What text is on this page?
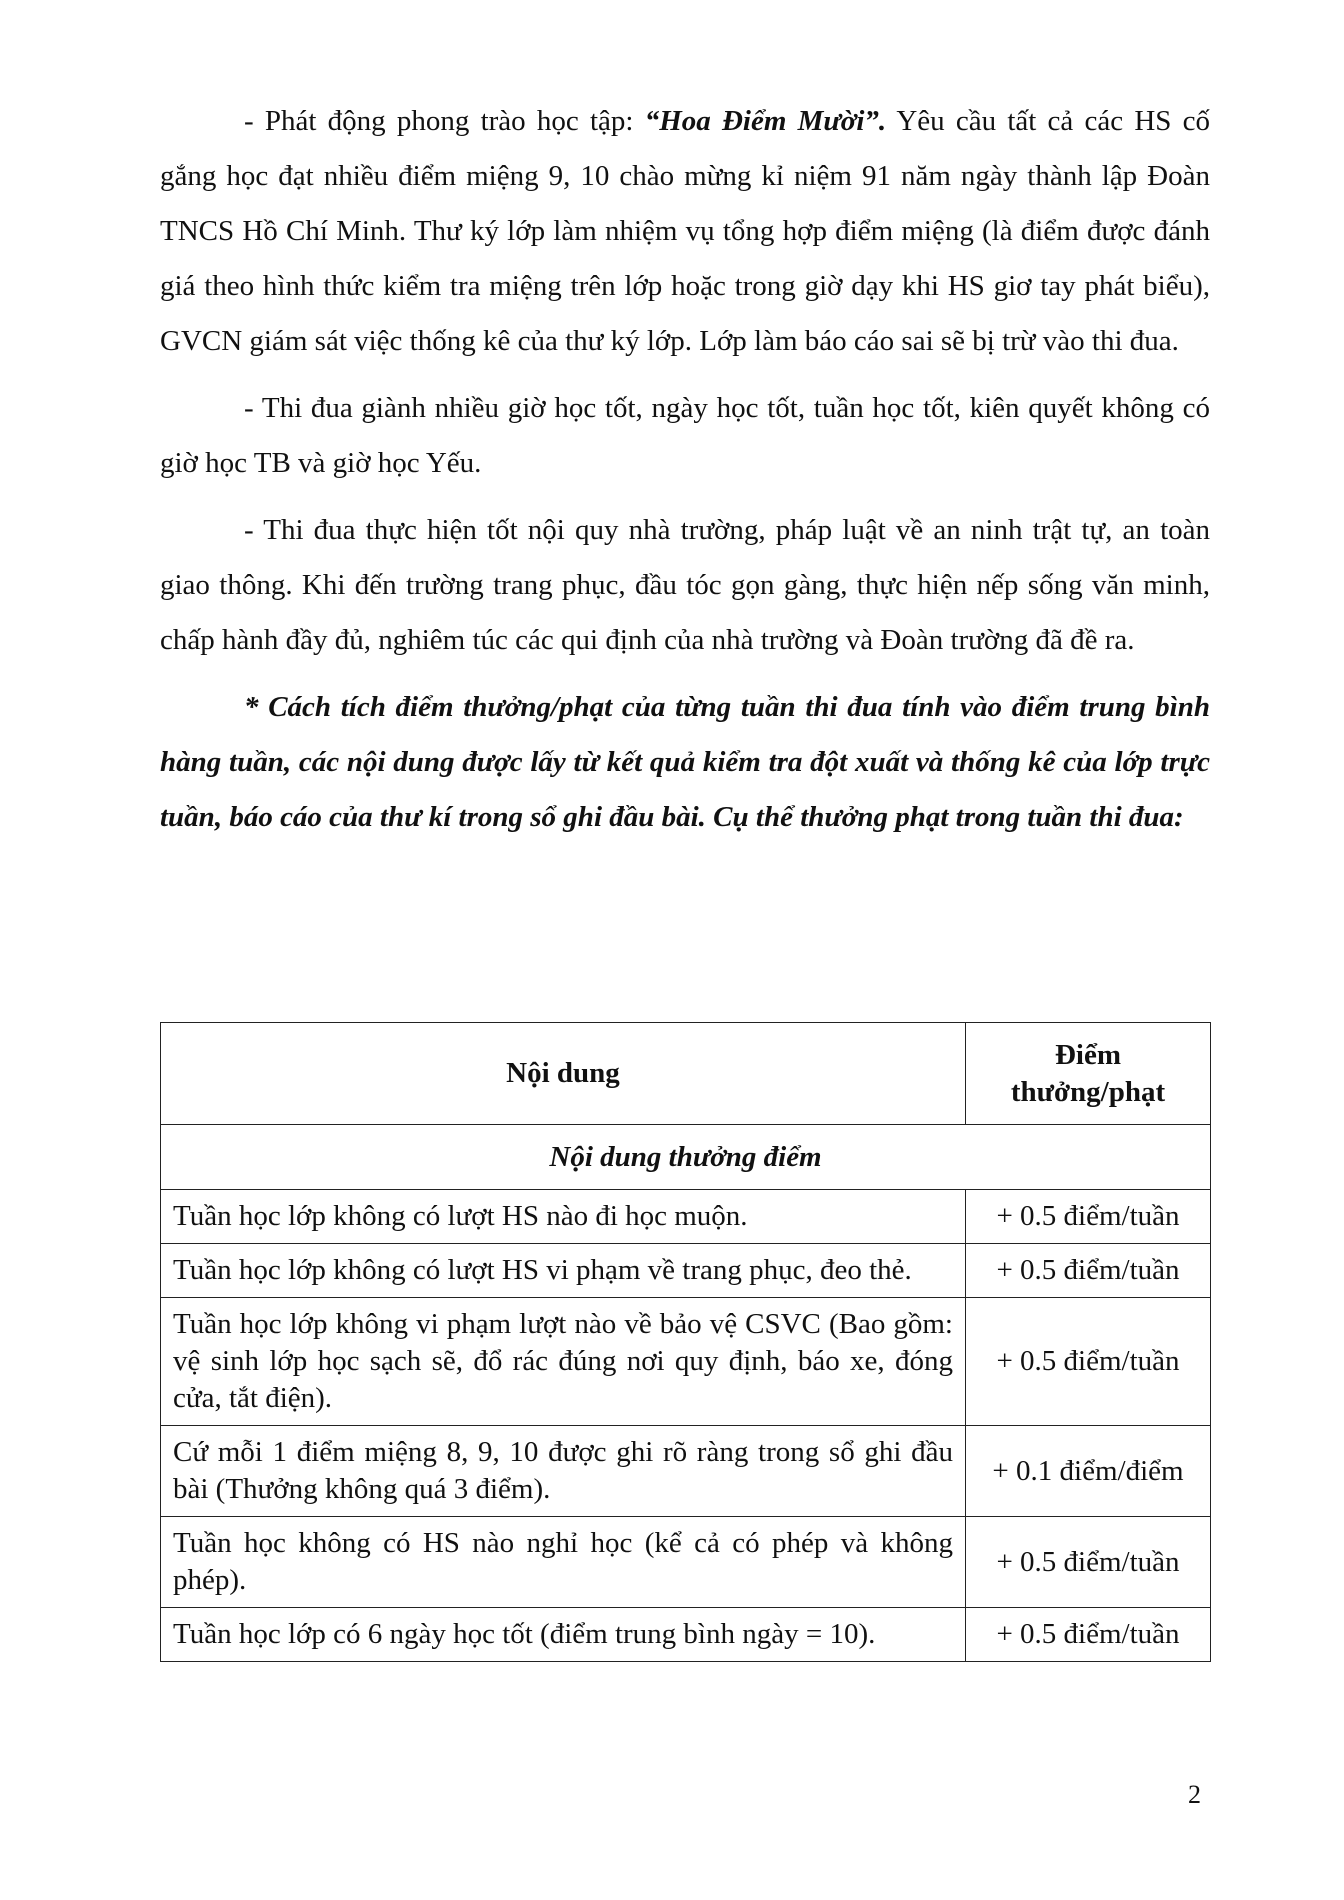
- Phát động phong trào học tập: “Hoa Điểm Mười”. Yêu cầu tất cả các HS cố gắng học đạt nhiều điểm miệng 9, 10 chào mừng kỉ niệm 91 năm ngày thành lập Đoàn TNCS Hồ Chí Minh. Thư ký lớp làm nhiệm vụ tổng hợp điểm miệng (là điểm được đánh giá theo hình thức kiểm tra miệng trên lớp hoặc trong giờ dạy khi HS giơ tay phát biểu), GVCN giám sát việc thống kê của thư ký lớp. Lớp làm báo cáo sai sẽ bị trừ vào thi đua.

- Thi đua giành nhiều giờ học tốt, ngày học tốt, tuần học tốt, kiên quyết không có giờ học TB và giờ học Yếu.

- Thi đua thực hiện tốt nội quy nhà trường, pháp luật về an ninh trật tự, an toàn giao thông. Khi đến trường trang phục, đầu tóc gọn gàng, thực hiện nếp sống văn minh, chấp hành đầy đủ, nghiêm túc các qui định của nhà trường và Đoàn trường đã đề ra.

* Cách tích điểm thưởng/phạt của từng tuần thi đua tính vào điểm trung bình hàng tuần, các nội dung được lấy từ kết quả kiểm tra đột xuất và thống kê của lớp trực tuần, báo cáo của thư kí trong sổ ghi đầu bài. Cụ thể thưởng phạt trong tuần thi đua:

Nội dung	Điểm thưởng/phạt
Nội dung thưởng điểm	
Tuần học lớp không có lượt HS nào đi học muộn.	+ 0.5 điểm/tuần
Tuần học lớp không có lượt HS vi phạm về trang phục, đeo thẻ.	+ 0.5 điểm/tuần
Tuần học lớp không vi phạm lượt nào về bảo vệ CSVC (Bao gồm: vệ sinh lớp học sạch sẽ, đổ rác đúng nơi quy định, báo xe, đóng cửa, tắt điện).	+ 0.5 điểm/tuần
Cứ mỗi 1 điểm miệng 8, 9, 10 được ghi rõ ràng trong sổ ghi đầu bài (Thưởng không quá 3 điểm).	+ 0.1 điểm/điểm
Tuần học không có HS nào nghỉ học (kể cả có phép và không phép).	+ 0.5 điểm/tuần
Tuần học lớp có 6 ngày học tốt (điểm trung bình ngày = 10).	+ 0.5 điểm/tuần
2
